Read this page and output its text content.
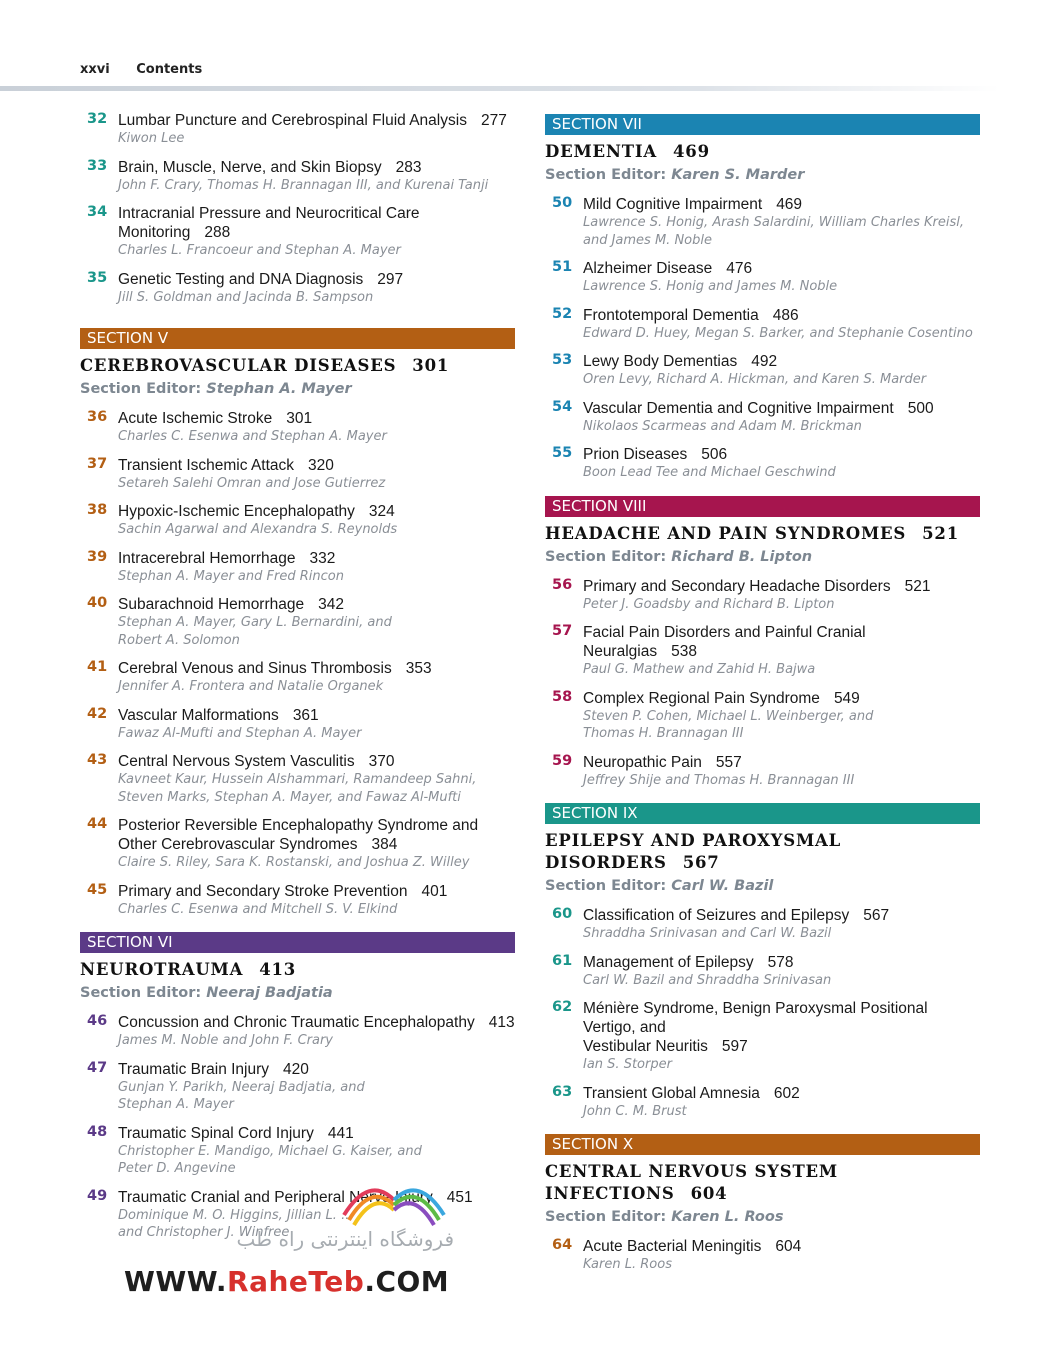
xxvi Contents
32 Lumbar Puncture and Cerebrospinal Fluid Analysis 277
Kiwon Lee
33 Brain, Muscle, Nerve, and Skin Biopsy 283
John F. Crary, Thomas H. Brannagan III, and Kurenai Tanji
34 Intracranial Pressure and Neurocritical Care Monitoring 288
Charles L. Francoeur and Stephan A. Mayer
35 Genetic Testing and DNA Diagnosis 297
Jill S. Goldman and Jacinda B. Sampson
SECTION V
CEREBROVASCULAR DISEASES 301
Section Editor: Stephan A. Mayer
36 Acute Ischemic Stroke 301
Charles C. Esenwa and Stephan A. Mayer
37 Transient Ischemic Attack 320
Setareh Salehi Omran and Jose Gutierrez
38 Hypoxic-Ischemic Encephalopathy 324
Sachin Agarwal and Alexandra S. Reynolds
39 Intracerebral Hemorrhage 332
Stephan A. Mayer and Fred Rincon
40 Subarachnoid Hemorrhage 342
Stephan A. Mayer, Gary L. Bernardini, and
Robert A. Solomon
41 Cerebral Venous and Sinus Thrombosis 353
Jennifer A. Frontera and Natalie Organek
42 Vascular Malformations 361
Fawaz Al-Mufti and Stephan A. Mayer
43 Central Nervous System Vasculitis 370
Kavneet Kaur, Hussein Alshammari, Ramandeep Sahni,
Steven Marks, Stephan A. Mayer, and Fawaz Al-Mufti
44 Posterior Reversible Encephalopathy Syndrome and
Other Cerebrovascular Syndromes 384
Claire S. Riley, Sara K. Rostanski, and Joshua Z. Willey
45 Primary and Secondary Stroke Prevention 401
Charles C. Esenwa and Mitchell S. V. Elkind
SECTION VI
NEUROTRAUMA 413
Section Editor: Neeraj Badjatia
46 Concussion and Chronic Traumatic Encephalopathy 413
James M. Noble and John F. Crary
47 Traumatic Brain Injury 420
Gunjan Y. Parikh, Neeraj Badjatia, and
Stephan A. Mayer
48 Traumatic Spinal Cord Injury 441
Christopher E. Mandigo, Michael G. Kaiser, and
Peter D. Angevine
49 Traumatic Cranial and Peripheral Nerve Injury 451
Dominique M. O. Higgins, Jillian L. ...
and Christopher J. Winfree
SECTION VII
DEMENTIA 469
Section Editor: Karen S. Marder
50 Mild Cognitive Impairment 469
Lawrence S. Honig, Arash Salardini, William Charles Kreisl,
and James M. Noble
51 Alzheimer Disease 476
Lawrence S. Honig and James M. Noble
52 Frontotemporal Dementia 486
Edward D. Huey, Megan S. Barker, and Stephanie Cosentino
53 Lewy Body Dementias 492
Oren Levy, Richard A. Hickman, and Karen S. Marder
54 Vascular Dementia and Cognitive Impairment 500
Nikolaos Scarmeas and Adam M. Brickman
55 Prion Diseases 506
Boon Lead Tee and Michael Geschwind
SECTION VIII
HEADACHE AND PAIN SYNDROMES 521
Section Editor: Richard B. Lipton
56 Primary and Secondary Headache Disorders 521
Peter J. Goadsby and Richard B. Lipton
57 Facial Pain Disorders and Painful Cranial Neuralgias 538
Paul G. Mathew and Zahid H. Bajwa
58 Complex Regional Pain Syndrome 549
Steven P. Cohen, Michael L. Weinberger, and
Thomas H. Brannagan III
59 Neuropathic Pain 557
Jeffrey Shije and Thomas H. Brannagan III
SECTION IX
EPILEPSY AND PAROXYSMAL DISORDERS 567
Section Editor: Carl W. Bazil
60 Classification of Seizures and Epilepsy 567
Shraddha Srinivasan and Carl W. Bazil
61 Management of Epilepsy 578
Carl W. Bazil and Shraddha Srinivasan
62 Ménière Syndrome, Benign Paroxysmal Positional Vertigo, and
Vestibular Neuritis 597
Ian S. Storper
63 Transient Global Amnesia 602
John C. M. Brust
SECTION X
CENTRAL NERVOUS SYSTEM INFECTIONS 604
Section Editor: Karen L. Roos
64 Acute Bacterial Meningitis 604
Karen L. Roos
فروشگاه اینترنتی راه طب
WWW.RaheTeb.COM
